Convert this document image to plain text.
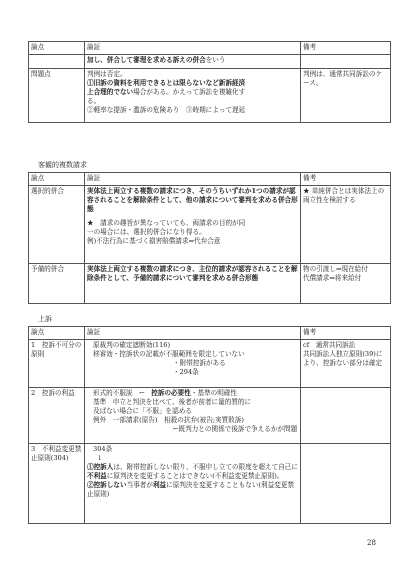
論点	論証	備考
	加し、併合して審理を求める訴えの併合をいう	
問題点	判例は否定。
①旧訴の資料を利用できるとは限らないなど新訴経済
上合理的でない場合がある。かえって訴訟を複雑化す
る。
②軽率な提訴・濫訴の危険あり　③時期によって遅延	判例は、通常共同訴訟のケース。
客観的複数請求
論点	論証	備考
選択的併合	実体法上両立する複数の請求につき、そのうちいずれか1つの請求が認容されることを解除条件として、他の請求について審判を求める併合形態
★　請求の趣旨が異なっていても、両請求の目的が同
一の場合には、選択的併合になり得る。
例)不法行為に基づく損害賠償請求⇒代弁合意	★ 単純併合とは実体法上の両立性を検討する
予備的併合	実体法上両立する複数の請求につき、主位的請求が認容されることを解除条件として、予備的請求について審判を求める併合形態	物の引渡し⇒現在給付
代償請求⇒将来給付
上訴
論点	論証	備考
1　控訴不可分の原則	原裁判の確定遮断効(116)
移審効・控訴状の記載が不服範囲を限定していない
・附帯控訴がある
・294条	cf　通常共同訴訟
共同訴訟人独立原則(39)により、控訴ない部分は確定

2　控訴の利益	形式的不服説　←　控訴の必要性・基準の明確性
基準　申立と判決を比べて、後者が前者に量的質的に
及ばない場合に「不服」を認める
例外　一部請求(原告)　相殺の抗弁(被告;実質敗訴)
←既判力との関係で後訴で争えるかが問題	

3　不利益変更禁止原則(304)	304条
↓
①控訴人は、附帯控訴しない限り、不服申し立ての限度を超えて自己に不利益に原判決を変更することはできない(不利益変更禁止原則)。
②控訴しない当事者が利益に原判決を変更することもない(利益変更禁止原則)	

28
